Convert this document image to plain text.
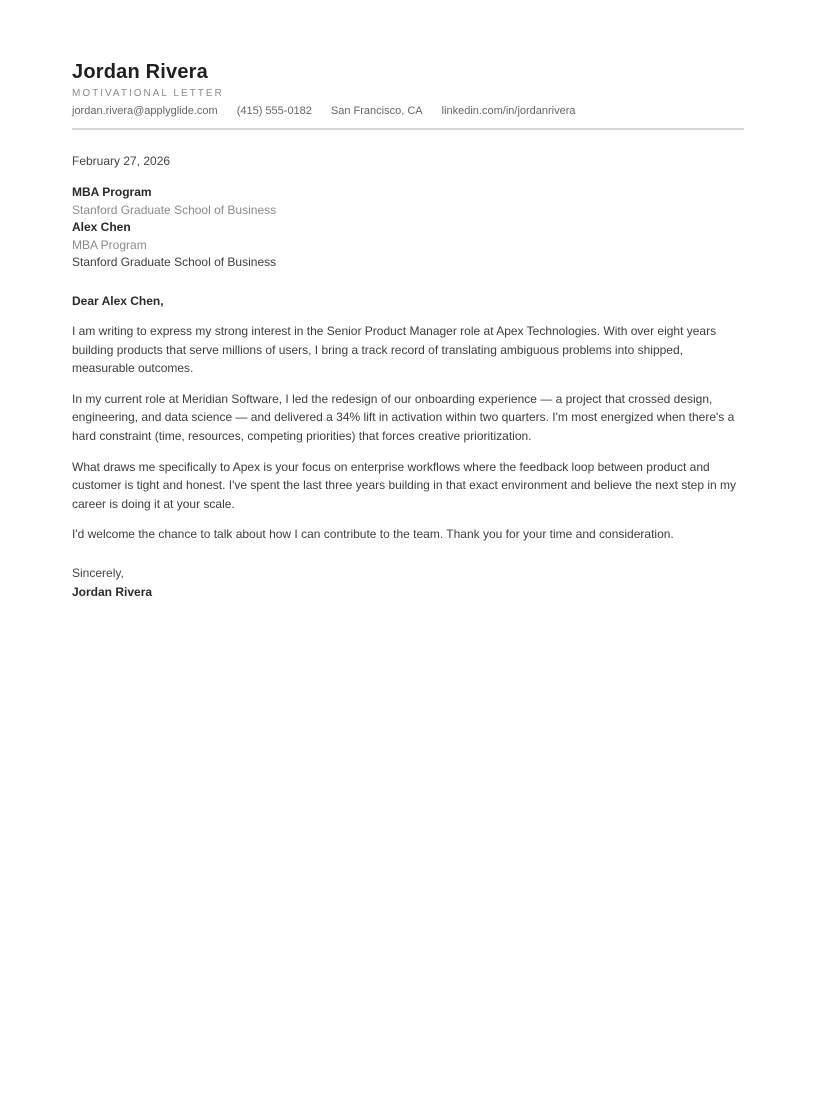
Jordan Rivera
MOTIVATIONAL LETTER
jordan.rivera@applyglide.com (415) 555-0182 San Francisco, CA linkedin.com/in/jordanrivera
February 27, 2026
MBA Program
Stanford Graduate School of Business
Alex Chen
MBA Program
Stanford Graduate School of Business
Dear Alex Chen,

I am writing to express my strong interest in the Senior Product Manager role at Apex Technologies. With over eight years building products that serve millions of users, I bring a track record of translating ambiguous problems into shipped, measurable outcomes.

In my current role at Meridian Software, I led the redesign of our onboarding experience — a project that crossed design, engineering, and data science — and delivered a 34% lift in activation within two quarters. I'm most energized when there's a hard constraint (time, resources, competing priorities) that forces creative prioritization.

What draws me specifically to Apex is your focus on enterprise workflows where the feedback loop between product and customer is tight and honest. I've spent the last three years building in that exact environment and believe the next step in my career is doing it at your scale.

I'd welcome the chance to talk about how I can contribute to the team. Thank you for your time and consideration.

Sincerely,
Jordan Rivera
